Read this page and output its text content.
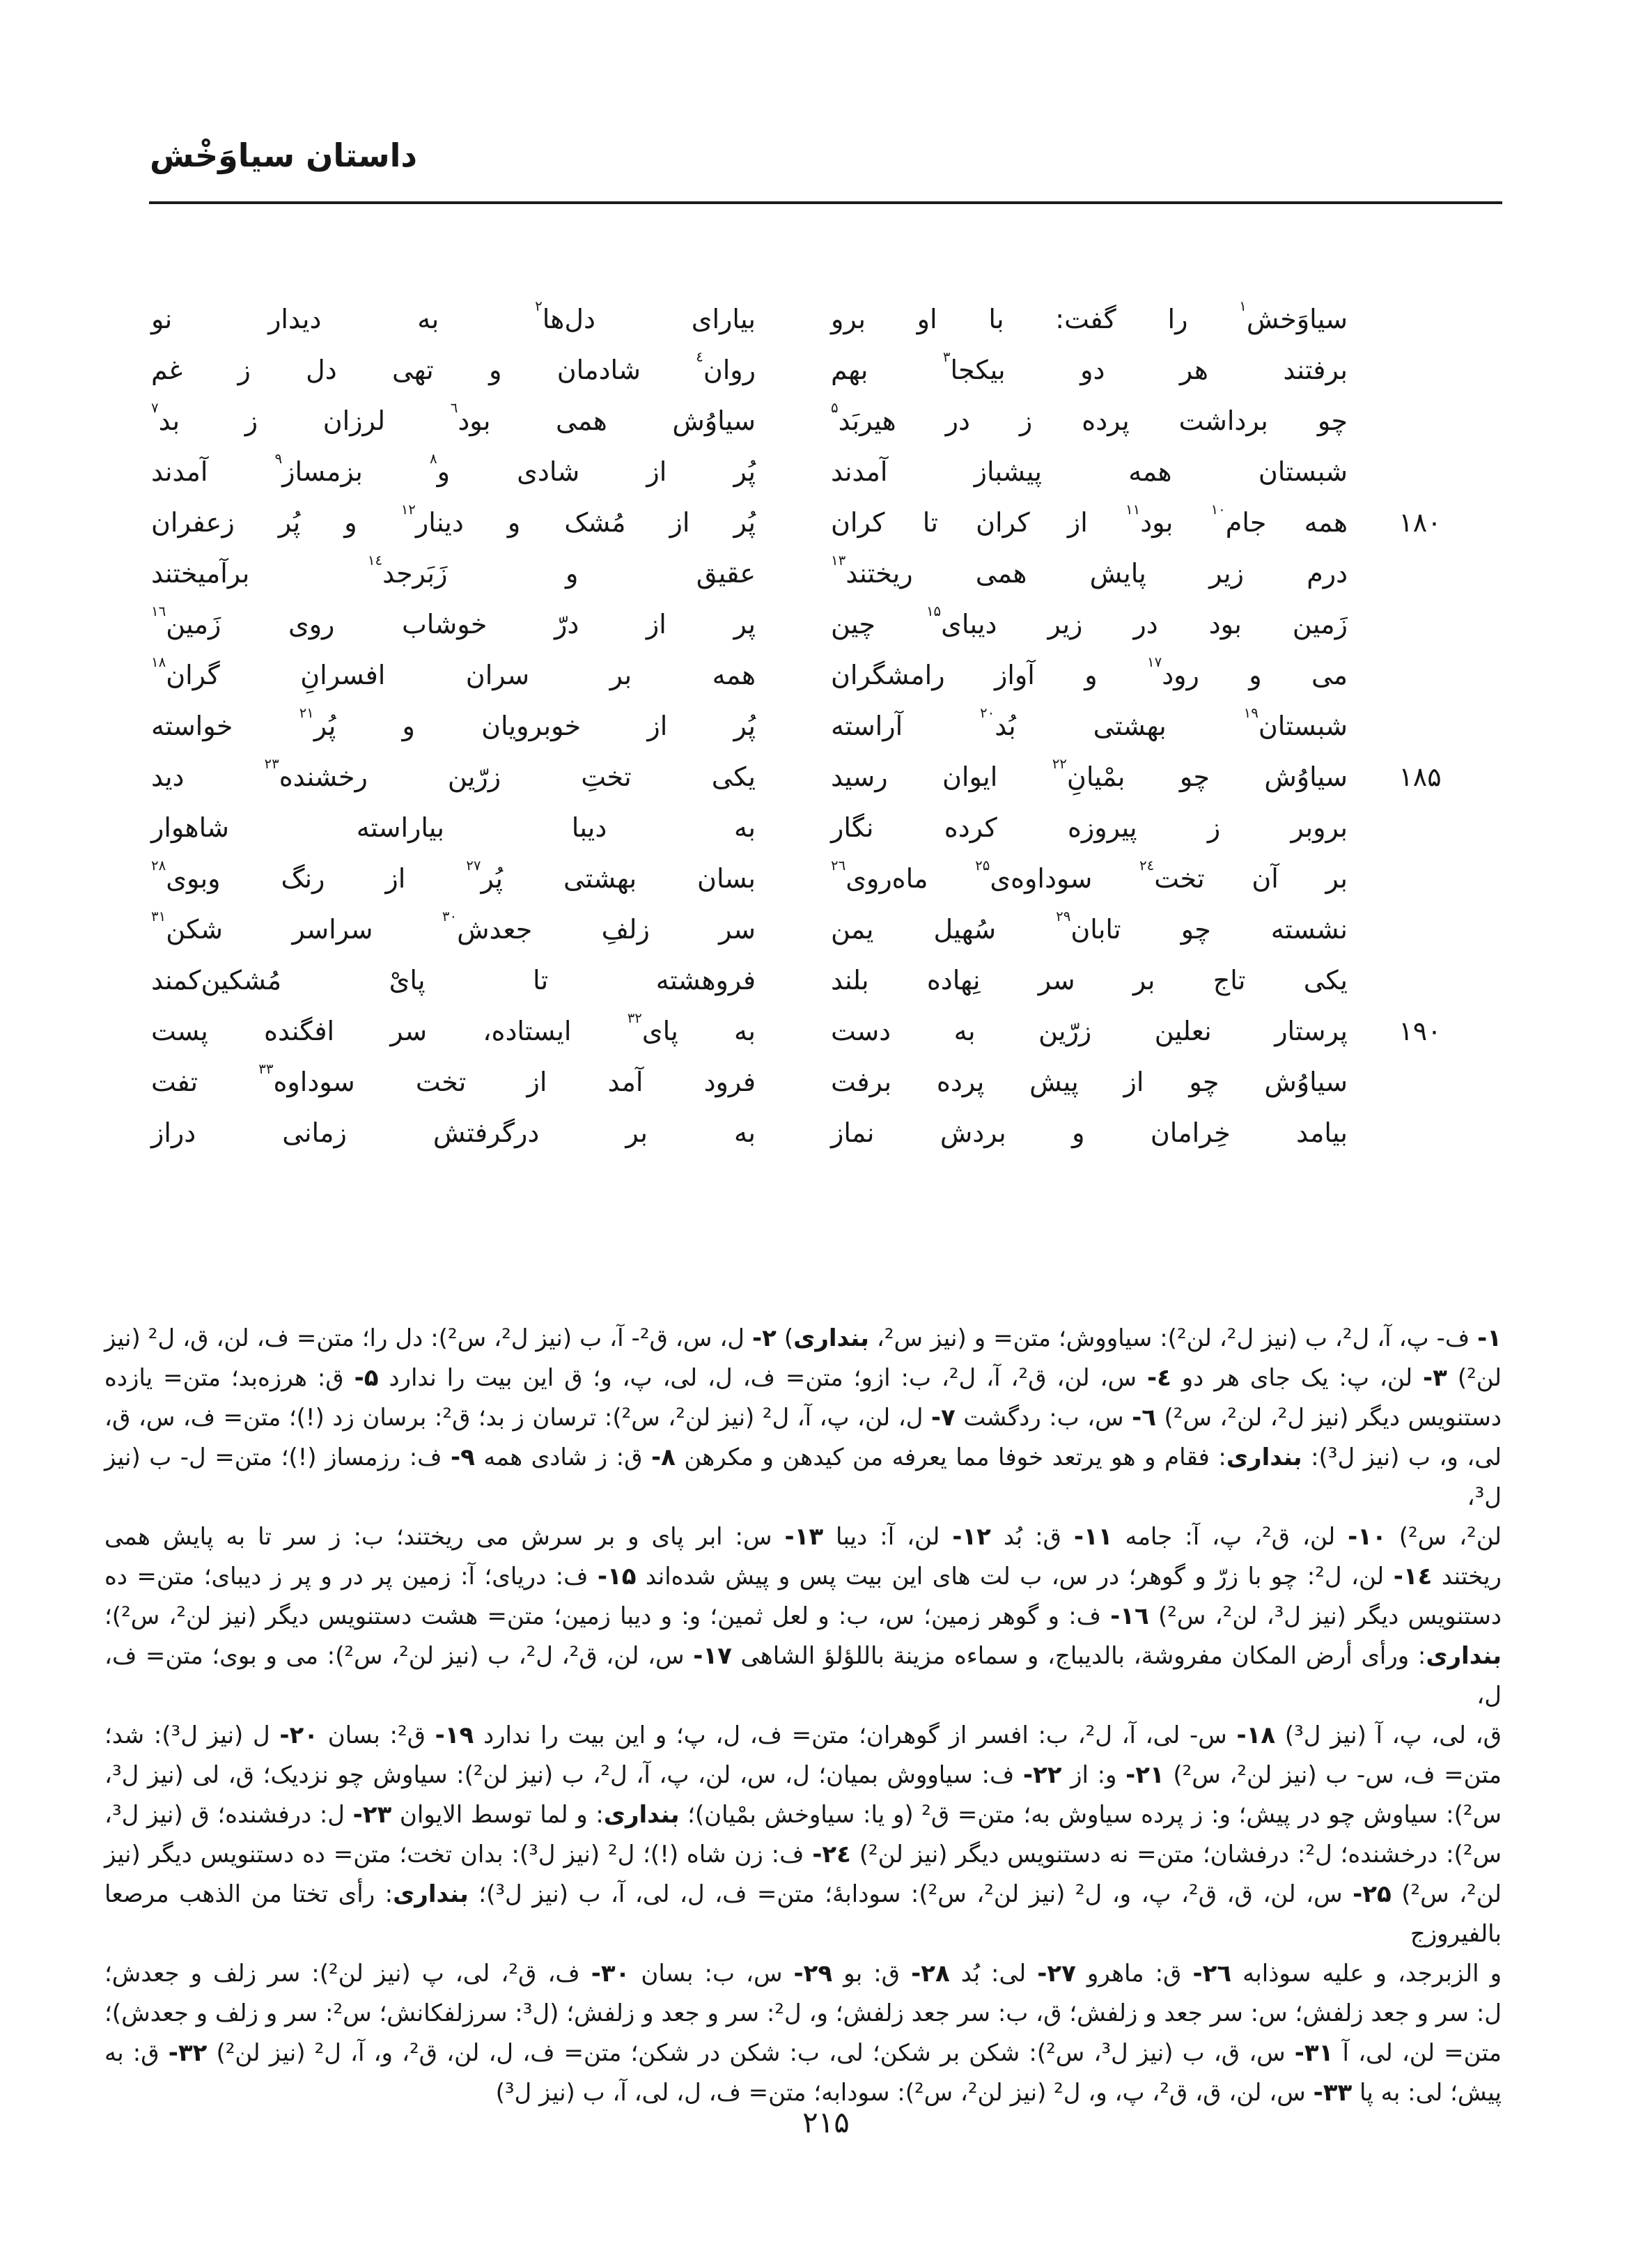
داستان سیاوَخْش
سیاوَخش$^۱$ را گفت: با او برو
بیارای دل‌ها$^۲$ به دیدار نو
برفتند هر دو بیکجا$^۳$ بهم
روان$^٤$ شادمان و تهی دل ز غم
چو برداشت پرده ز در هیربَد$^۵$
سیاوُش همی بود$^٦$ لرزان ز بد$^۷$
شبستان همه پیشباز آمدند
پُر از شادی و$^۸$ بزمساز$^۹$ آمدند
۱۸۰
همه جام$^{۱۰}$ بود$^{۱۱}$ از کران تا کران
پُر از مُشک و دینار$^{۱۲}$ و پُر زعفران
درم زیر پایش همی ریختند$^{۱۳}$
عقیق و زَبَرجد$^{۱٤}$ برآمیختند
زَمین بود در زیر دیبای$^{۱۵}$ چین
پر از درّ خوشاب روی زَمین$^{۱٦}$
می و رود$^{۱۷}$ و آواز رامشگران
همه بر سران افسرانِ گران$^{۱۸}$
شبستان$^{۱۹}$ بهشتی بُد$^{۲۰}$ آراسته
پُر از خوبرویان و پُر$^{۲۱}$ خواسته
۱۸۵
سیاوُش چو بمْیانِ$^{۲۲}$ ایوان رسید
یکی تختِ زرّین رخشنده$^{۲۳}$ دید
بروبر ز پیروزه کرده نگار
به دیبا بیاراسته شاهوار
بر آن تخت$^{۲٤}$ سوداوه‌ی$^{۲۵}$ ماه‌روی$^{۲٦}$
بسان بهشتی پُر$^{۲۷}$ از رنگ وبوی$^{۲۸}$
نشسته چو تابان$^{۲۹}$ سُهیل یمن
سر زلفِ جعدش$^{۳۰}$ سراسر شکن$^{۳۱}$
یکی تاج بر سر نِهاده بلند
فروهشته تا پایْ مُشکین‌کمند
۱۹۰
پرستار نعلین زرّین به دست
به پای$^{۳۲}$ ایستاده، سر افگنده پست
سیاوُش چو از پیش پرده برفت
فرود آمد از تخت سوداوه$^{۳۳}$ تفت
بیامد خِرامان و بردش نماز
به بر درگرفتش زمانی دراز
۱- ف- پ، آ، ل²، ب (نیز ل²، لن²): سیاووش؛ متن= و (نیز س²، بنداری) ۲- ل، س، ق²- آ، ب (نیز ل²، س²): دل را؛ متن= ف، لن، ق، ل² (نیز
لن²) ۳- لن، پ: یک جای هر دو ٤- س، لن، ق²، آ، ل²، ب: ازو؛ متن= ف، ل، لی، پ، و؛ ق این بیت را ندارد ۵- ق: هرزه‌بد؛ متن= یازده
دستنویس دیگر (نیز ل²، لن²، س²) ٦- س، ب: ردگشت ۷- ل، لن، پ، آ، ل² (نیز لن²، س²): ترسان ز بد؛ ق²: برسان زد (!)؛ متن= ف، س، ق،
لی، و، ب (نیز ل³): بنداری: فقام و هو یرتعد خوفا مما یعرفه من کیدهن و مکرهن ۸- ق: ز شادی همه ۹- ف: رزمساز (!)؛ متن= ل- ب (نیز ل³،
لن²، س²) ۱۰- لن، ق²، پ، آ: جامه ۱۱- ق: بُد ۱۲- لن، آ: دیبا ۱۳- س: ابر پای و بر سرش می ریختند؛ ب: ز سر تا به پایش همی
ریختند ۱٤- لن، ل²: چو با زرّ و گوهر؛ در س، ب لت های این بیت پس و پیش شده‌اند ۱۵- ف: دریای؛ آ: زمین پر در و پر ز دیبای؛ متن= ده
دستنویس دیگر (نیز ل³، لن²، س²) ۱٦- ف: و گوهر زمین؛ س، ب: و لعل ثمین؛ و: و دیبا زمین؛ متن= هشت دستنویس دیگر (نیز لن²، س²)؛
بنداری: ورأی أرض المکان مفروشة، بالدیباج، و سماءه مزینة باللؤلؤ الشاهی ۱۷- س، لن، ق²، ل²، ب (نیز لن²، س²): می و بوی؛ متن= ف، ل،
ق، لی، پ، آ (نیز ل³) ۱۸- س- لی، آ، ل²، ب: افسر از گوهران؛ متن= ف، ل، پ؛ و این بیت را ندارد ۱۹- ق²: بسان ۲۰- ل (نیز ل³): شد؛
متن= ف، س- ب (نیز لن²، س²) ۲۱- و: از ۲۲- ف: سیاووش بمیان؛ ل، س، لن، پ، آ، ل²، ب (نیز لن²): سیاوش چو نزدیک؛ ق، لی (نیز ل³،
س²): سیاوش چو در پیش؛ و: ز پرده سیاوش به؛ متن= ق² (و یا: سیاوخش بمْیان)؛ بنداری: و لما توسط الایوان ۲۳- ل: درفشنده؛ ق (نیز ل³،
س²): درخشنده؛ ل²: درفشان؛ متن= نه دستنویس دیگر (نیز لن²) ۲٤- ف: زن شاه (!)؛ ل² (نیز ل³): بدان تخت؛ متن= ده دستنویس دیگر (نیز
لن²، س²) ۲۵- س، لن، ق، ق²، پ، و، ل² (نیز لن²، س²): سودابۀ؛ متن= ف، ل، لی، آ، ب (نیز ل³)؛ بنداری: رأی تختا من الذهب مرصعا بالفیروزج
و الزبرجد، و علیه سوذابه ۲٦- ق: ماهرو ۲۷- لی: بُد ۲۸- ق: بو ۲۹- س، ب: بسان ۳۰- ف، ق²، لی، پ (نیز لن²): سر زلف و جعدش؛
ل: سر و جعد زلفش؛ س: سر جعد و زلفش؛ ق، ب: سر جعد زلفش؛ و، ل²: سر و جعد و زلفش؛ (ل³: سرزلفکانش؛ س²: سر و زلف و جعدش)؛
متن= لن، لی، آ ۳۱- س، ق، ب (نیز ل³، س²): شکن بر شکن؛ لی، ب: شکن در شکن؛ متن= ف، ل، لن، ق²، و، آ، ل² (نیز لن²) ۳۲- ق: به
پیش؛ لی: به پا ۳۳- س، لن، ق، ق²، پ، و، ل² (نیز لن²، س²): سودابه؛ متن= ف، ل، لی، آ، ب (نیز ل³)
۲۱۵
